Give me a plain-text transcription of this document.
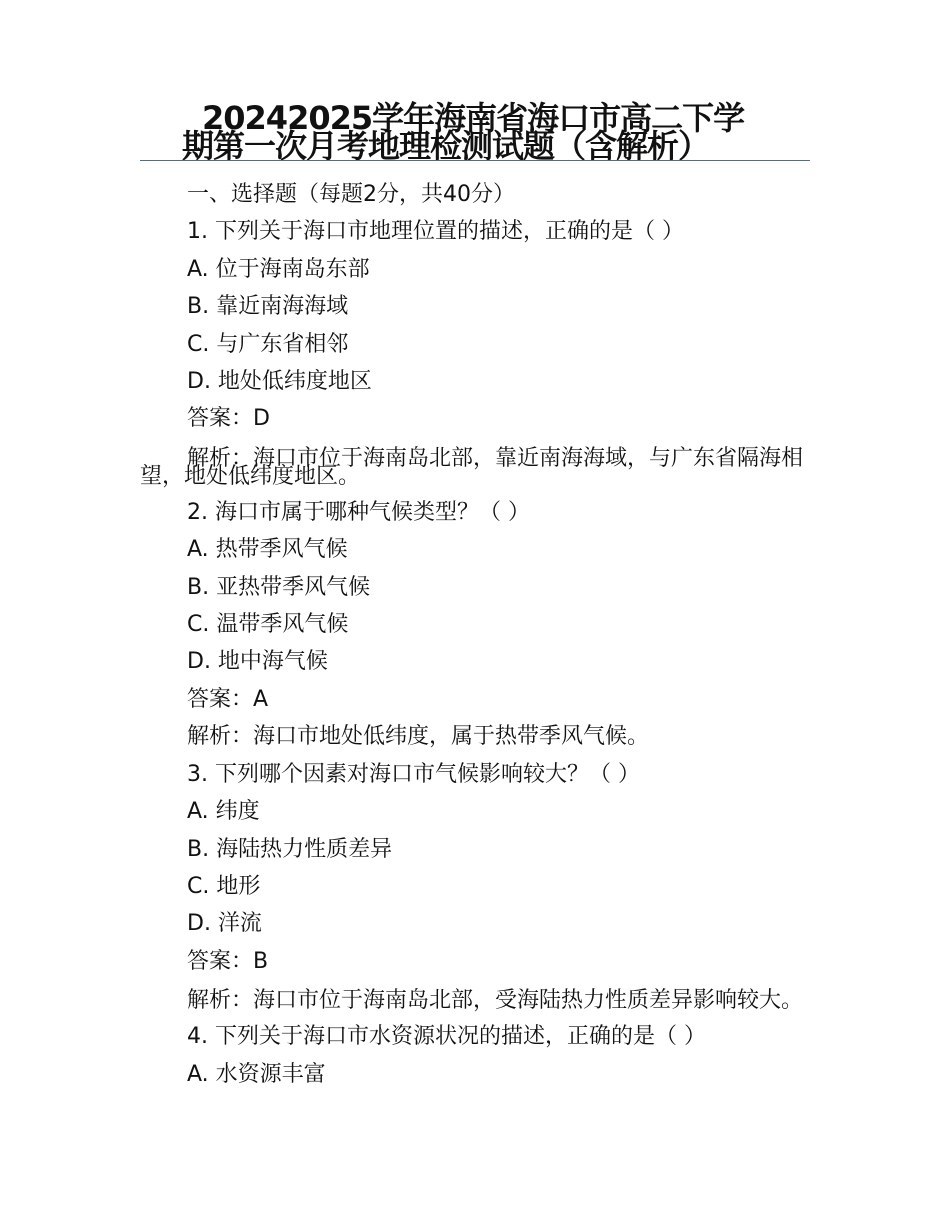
20242025学年海南省海口市高二下学
期第一次月考地理检测试题（含解析）
一、选择题（每题2分，共40分）
1. 下列关于海口市地理位置的描述，正确的是（ ）
A. 位于海南岛东部
B. 靠近南海海域
C. 与广东省相邻
D. 地处低纬度地区
答案：D
解析：海口市位于海南岛北部，靠近南海海域，与广东省隔海相望，地处低纬度地区。
2. 海口市属于哪种气候类型？（ ）
A. 热带季风气候
B. 亚热带季风气候
C. 温带季风气候
D. 地中海气候
答案：A
解析：海口市地处低纬度，属于热带季风气候。
3. 下列哪个因素对海口市气候影响较大？（ ）
A. 纬度
B. 海陆热力性质差异
C. 地形
D. 洋流
答案：B
解析：海口市位于海南岛北部，受海陆热力性质差异影响较大。
4. 下列关于海口市水资源状况的描述，正确的是（ ）
A. 水资源丰富
